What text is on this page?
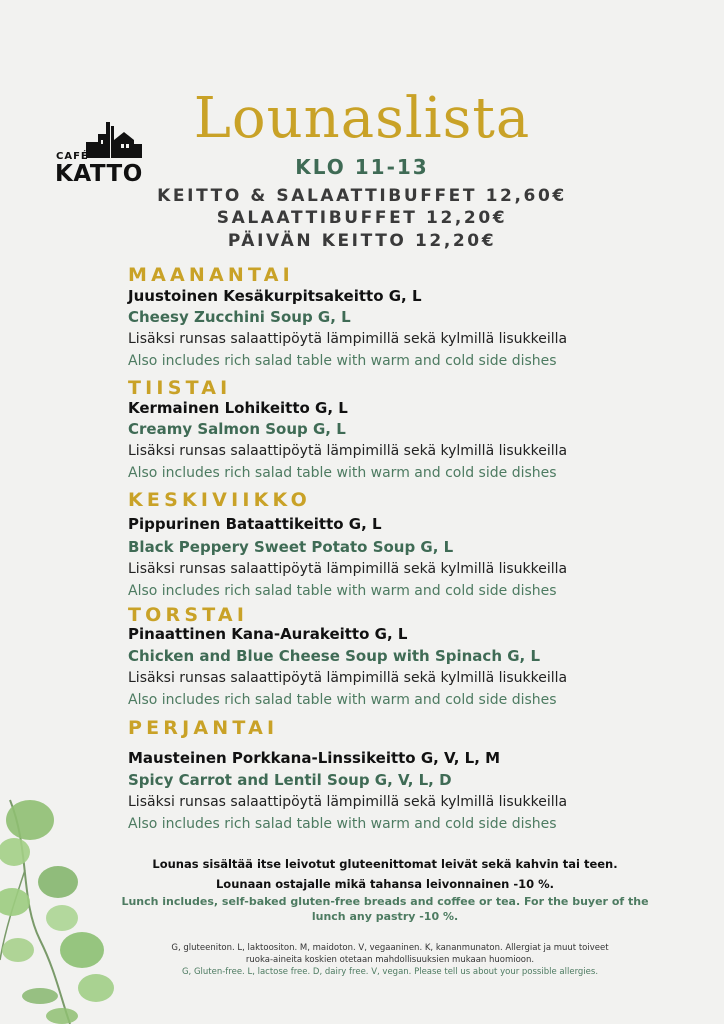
CAFÉ
KATTO
Lounaslista
KLO 11-13
KEITTO & SALAATTIBUFFET 12,60€
SALAATTIBUFFET 12,20€
PÄIVÄN KEITTO 12,20€
MAANANTAI
Juustoinen Kesäkurpitsakeitto G, L
Cheesy Zucchini Soup G, L
Lisäksi runsas salaattipöytä lämpimillä sekä kylmillä lisukkeilla
Also includes rich salad table with warm and cold side dishes
TIISTAI
Kermainen Lohikeitto G, L
Creamy Salmon Soup G, L
Lisäksi runsas salaattipöytä lämpimillä sekä kylmillä lisukkeilla
Also includes rich salad table with warm and cold side dishes
KESKIVIIKKO
Pippurinen Bataattikeitto G, L
Black Peppery Sweet Potato Soup G, L
Lisäksi runsas salaattipöytä lämpimillä sekä kylmillä lisukkeilla
Also includes rich salad table with warm and cold side dishes
TORSTAI
Pinaattinen Kana-Aurakeitto G, L
Chicken and Blue Cheese Soup with Spinach G, L
Lisäksi runsas salaattipöytä lämpimillä sekä kylmillä lisukkeilla
Also includes rich salad table with warm and cold side dishes
PERJANTAI
Mausteinen Porkkana-Linssikeitto G, V, L, M
Spicy Carrot and Lentil Soup G, V, L, D
Lisäksi runsas salaattipöytä lämpimillä sekä kylmillä lisukkeilla
Also includes rich salad table with warm and cold side dishes
Lounas sisältää itse leivotut gluteenittomat leivät sekä kahvin tai teen.
Lounaan ostajalle mikä tahansa leivonnainen -10 %.
Lunch includes, self-baked gluten-free breads and coffee or tea. For the buyer of the
lunch any pastry -10 %.
G, gluteeniton. L, laktoositon. M, maidoton. V, vegaaninen. K, kananmunaton. Allergiat ja muut toiveet
ruoka-aineita koskien otetaan mahdollisuuksien mukaan huomioon.
G, Gluten-free. L, lactose free. D, dairy free. V, vegan. Please tell us about your possible allergies.
